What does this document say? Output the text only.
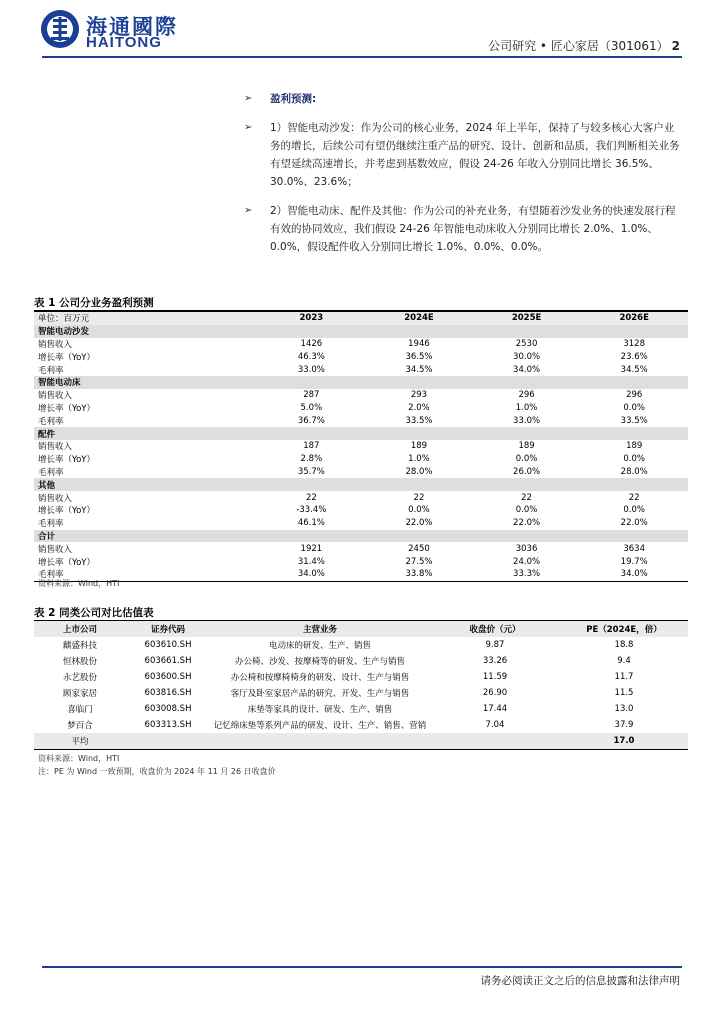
海通國際
HAITONG	公司研究 • 匠心家居（301061） 2
➢ 盈利预测:
➢ 1）智能电动沙发：作为公司的核心业务，2024 年上半年，保持了与较多核心大客户业务的增长，后续公司有望仍继续注重产品的研究、设计、创新和品质，我们判断相关业务有望延续高速增长，并考虑到基数效应，假设 24-26 年收入分别同比增长 36.5%、30.0%、23.6%；
➢ 2）智能电动床、配件及其他：作为公司的补充业务，有望随着沙发业务的快速发展行程有效的协同效应，我们假设 24-26 年智能电动床收入分别同比增长 2.0%、1.0%、0.0%，假设配件收入分别同比增长 1.0%、0.0%、0.0%。
表 1 公司分业务盈利预测
单位：百万元	2023	2024E	2025E	2026E
智能电动沙发				
销售收入	1426	1946	2530	3128
增长率（YoY）	46.3%	36.5%	30.0%	23.6%
毛利率	33.0%	34.5%	34.0%	34.5%
智能电动床				
销售收入	287	293	296	296
增长率（YoY）	5.0%	2.0%	1.0%	0.0%
毛利率	36.7%	33.5%	33.0%	33.5%
配件				
销售收入	187	189	189	189
增长率（YoY）	2.8%	1.0%	0.0%	0.0%
毛利率	35.7%	28.0%	26.0%	28.0%
其他				
销售收入	22	22	22	22
增长率（YoY）	-33.4%	0.0%	0.0%	0.0%
毛利率	46.1%	22.0%	22.0%	22.0%
合计				
销售收入	1921	2450	3036	3634
增长率（YoY）	31.4%	27.5%	24.0%	19.7%
毛利率	34.0%	33.8%	33.3%	34.0%
资料来源：Wind，HTI
表 2 同类公司对比估值表
上市公司	证券代码	主营业务	收盘价（元）	PE（2024E，倍）
麒盛科技	603610.SH	电动床的研发、生产、销售	9.87	18.8
恒林股份	603661.SH	办公椅、沙发、按摩椅等的研发、生产与销售	33.26	9.4
永艺股份	603600.SH	办公椅和按摩椅椅身的研发、设计、生产与销售	11.59	11.7
顾家家居	603816.SH	客厅及卧室家居产品的研究、开发、生产与销售	26.90	11.5
喜临门	603008.SH	床垫等家具的设计、研发、生产、销售	17.44	13.0
梦百合	603313.SH	记忆绵床垫等系列产品的研发、设计、生产、销售、营销	7.04	37.9
平均				17.0
资料来源：Wind，HTI
注：PE 为 Wind 一致预期，收盘价为 2024 年 11 月 26 日收盘价
请务必阅读正文之后的信息披露和法律声明
